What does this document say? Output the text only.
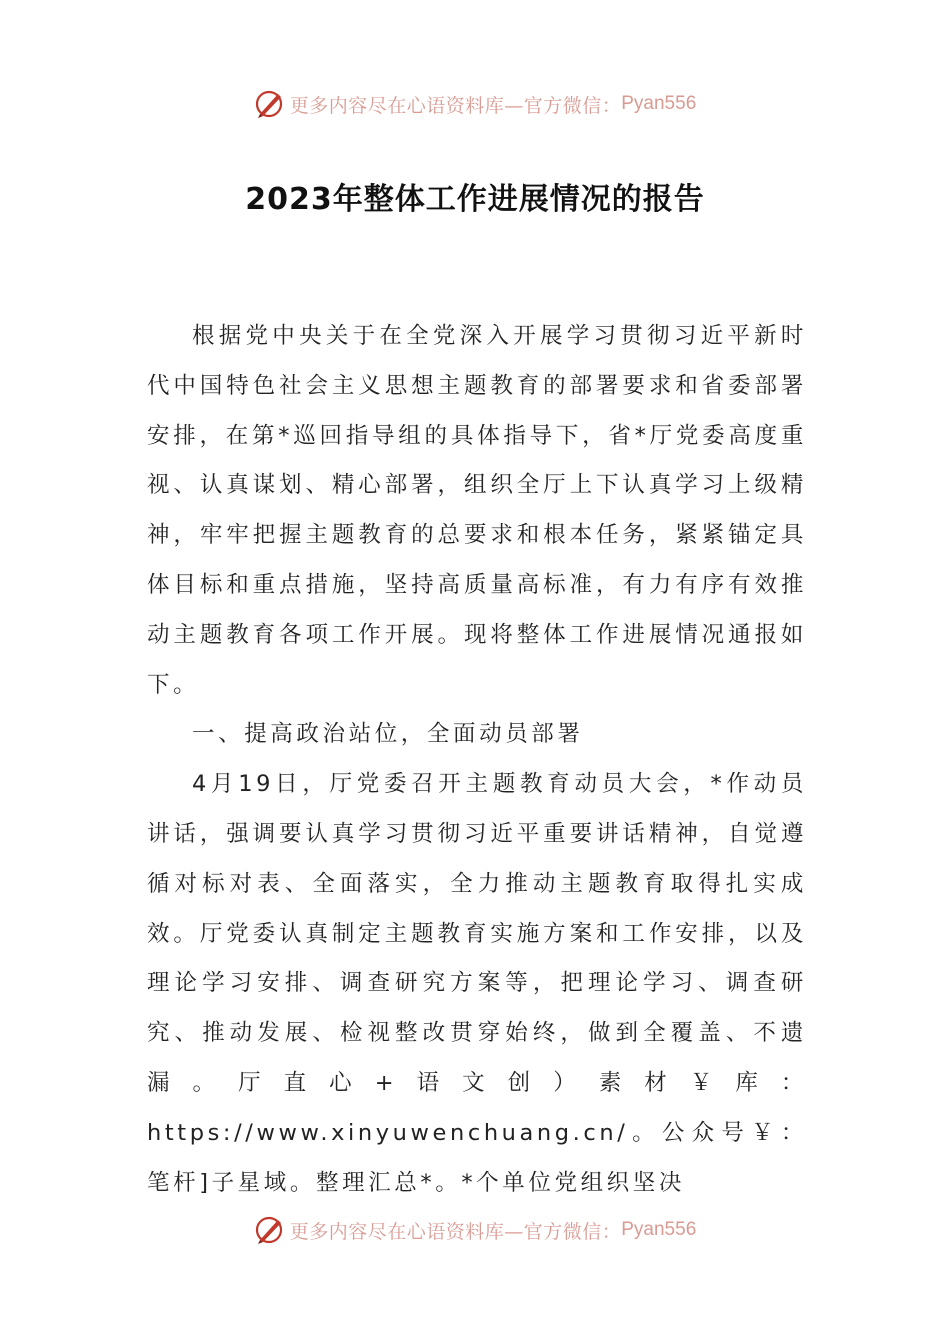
更多内容尽在心语资料库—官方微信： Pyan556
2023年整体工作进展情况的报告

根据党中央关于在全党深入开展学习贯彻习近平新时代中国特色社会主义思想主题教育的部署要求和省委部署安排，在第*巡回指导组的具体指导下，省*厅党委高度重视、认真谋划、精心部署，组织全厅上下认真学习上级精神，牢牢把握主题教育的总要求和根本任务，紧紧锚定具体目标和重点措施，坚持高质量高标准，有力有序有效推动主题教育各项工作开展。现将整体工作进展情况通报如下。

一、提高政治站位，全面动员部署

4月19日，厅党委召开主题教育动员大会，*作动员讲话，强调要认真学习贯彻习近平重要讲话精神，自觉遵循对标对表、全面落实，全力推动主题教育取得扎实成效。厅党委认真制定主题教育实施方案和工作安排，以及理论学习安排、调查研究方案等，把理论学习、调查研究、推动发展、检视整改贯穿始终，做到全覆盖、不遗漏。厅直心+语文创）素材￥库：https://www.xinyuwenchuang.cn/。公众号￥：笔杆]子星域。整理汇总*。*个单位党组织坚决

更多内容尽在心语资料库—官方微信： Pyan556
